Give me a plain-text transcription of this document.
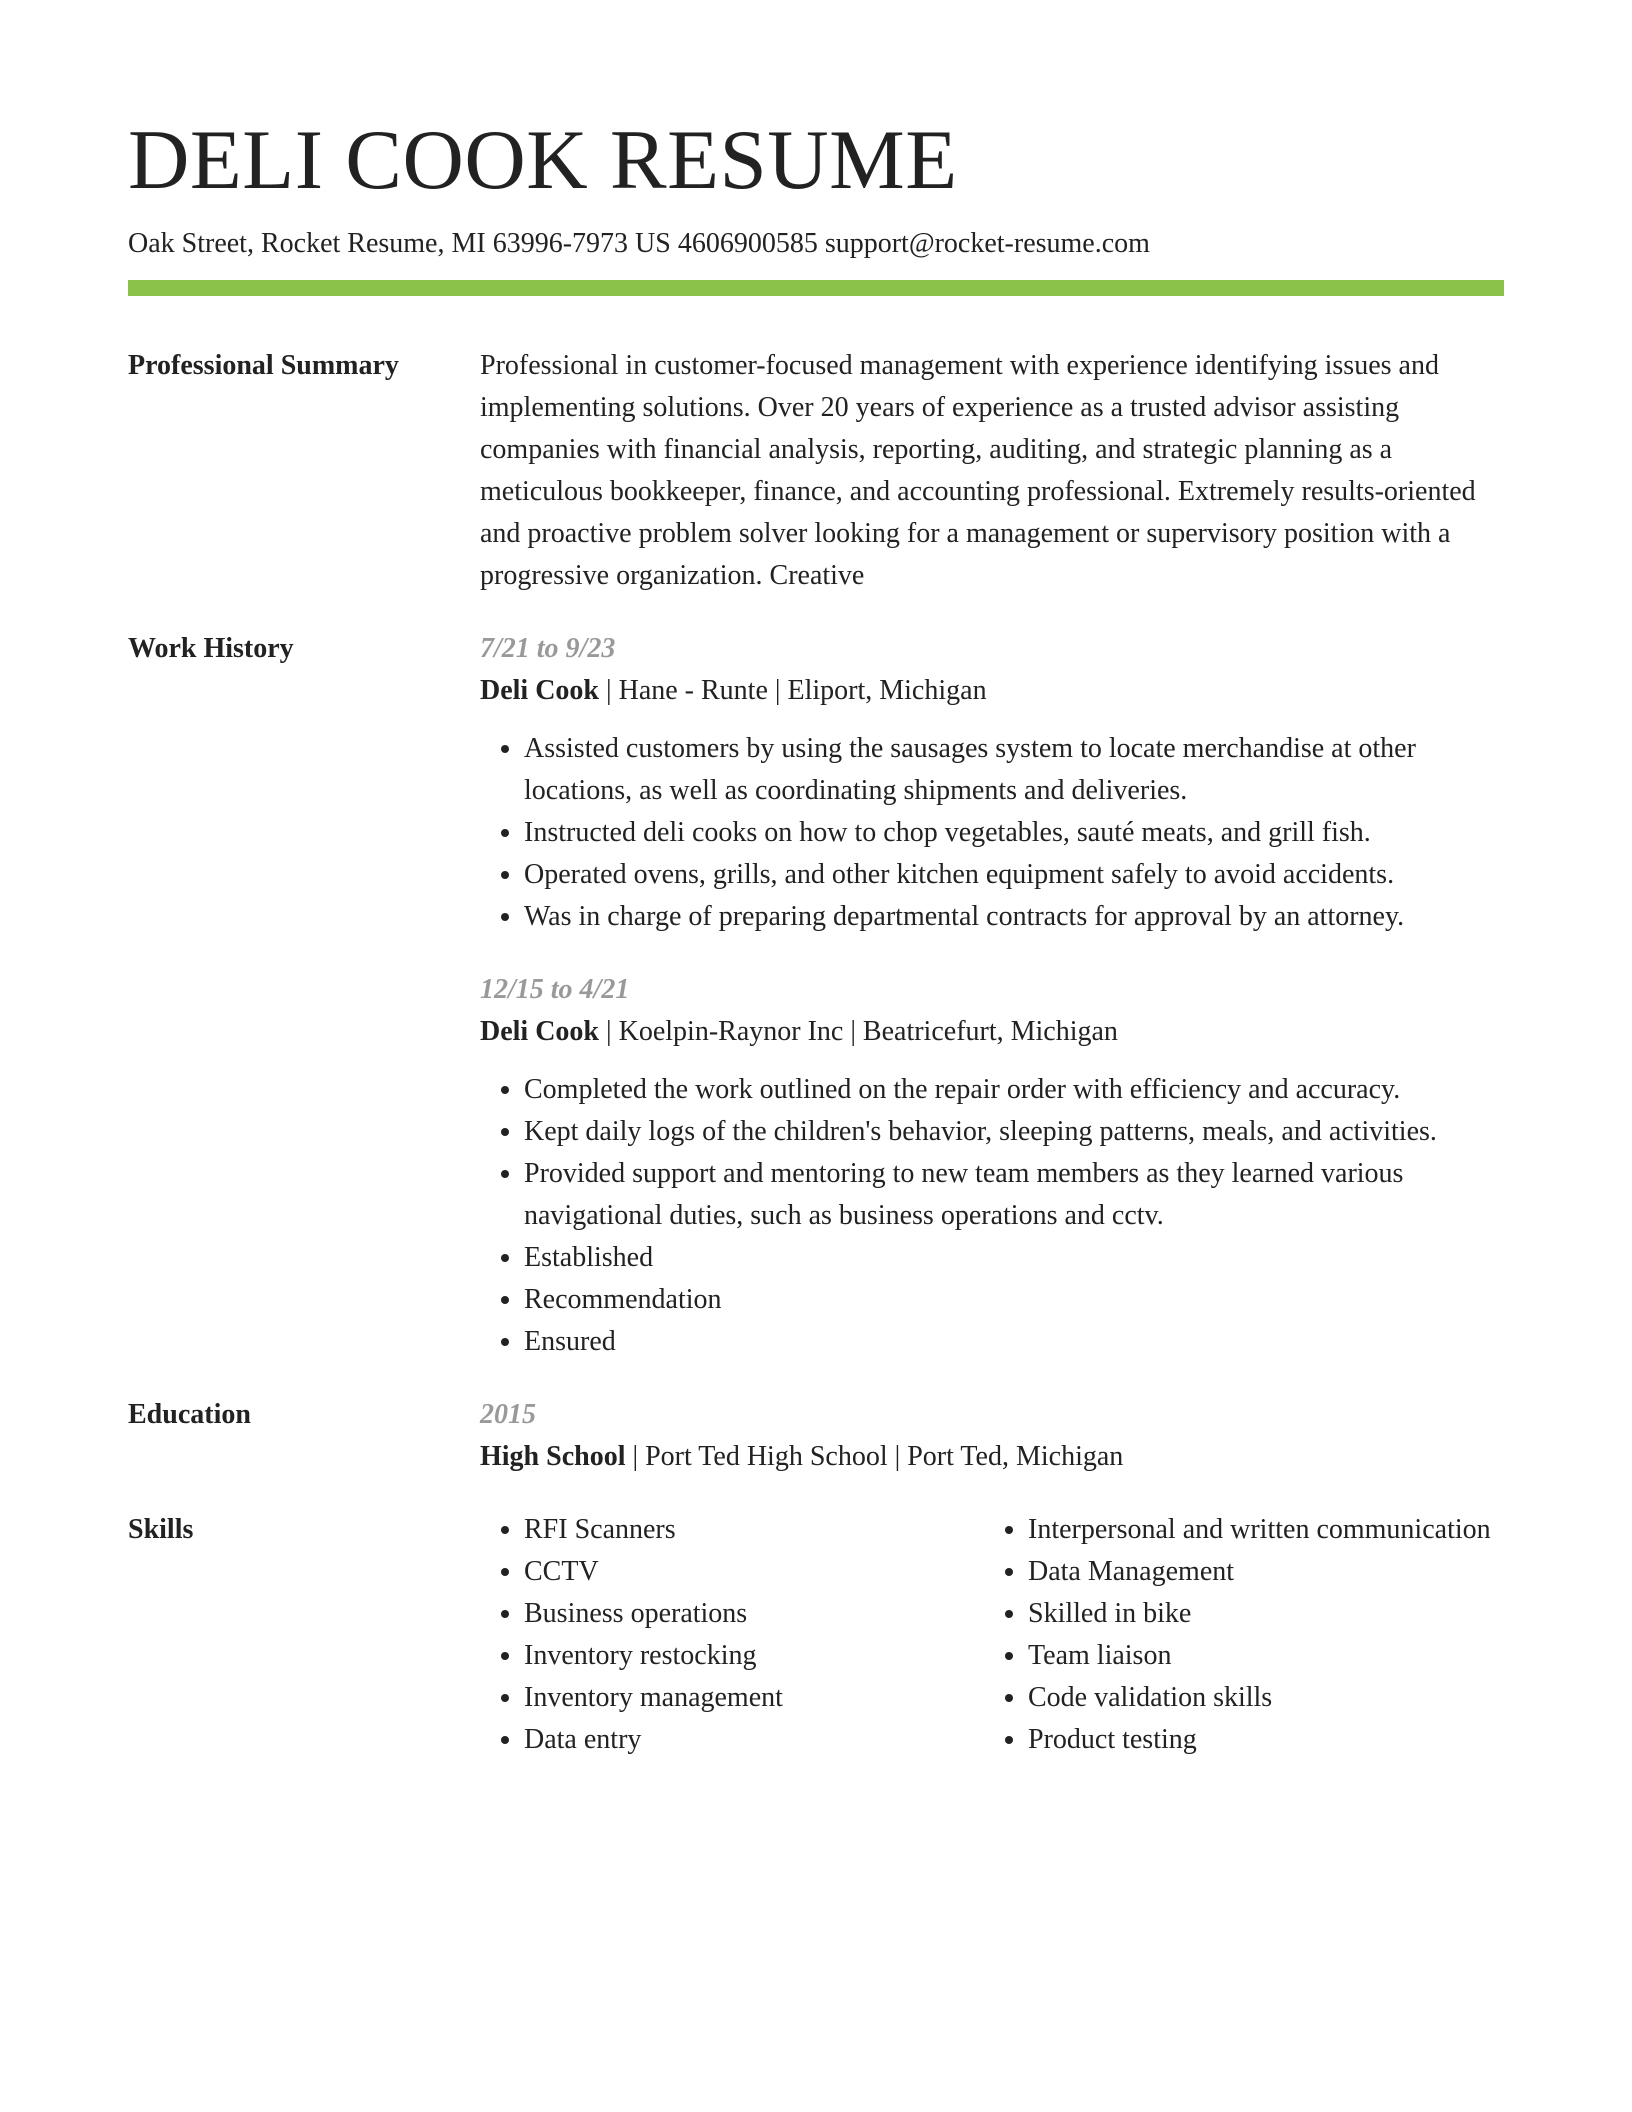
DELI COOK RESUME
Oak Street, Rocket Resume, MI 63996-7973 US 4606900585 support@rocket-resume.com
Professional Summary	Professional in customer-focused management with experience identifying issues and implementing solutions. Over 20 years of experience as a trusted advisor assisting companies with financial analysis, reporting, auditing, and strategic planning as a meticulous bookkeeper, finance, and accounting professional. Extremely results-oriented and proactive problem solver looking for a management or supervisory position with a progressive organization. Creative
Work History	7/21 to 9/23
Deli Cook | Hane - Runte | Eliport, Michigan
• Assisted customers by using the sausages system to locate merchandise at other locations, as well as coordinating shipments and deliveries.
• Instructed deli cooks on how to chop vegetables, sauté meats, and grill fish.
• Operated ovens, grills, and other kitchen equipment safely to avoid accidents.
• Was in charge of preparing departmental contracts for approval by an attorney.
12/15 to 4/21
Deli Cook | Koelpin-Raynor Inc | Beatricefurt, Michigan
• Completed the work outlined on the repair order with efficiency and accuracy.
• Kept daily logs of the children's behavior, sleeping patterns, meals, and activities.
• Provided support and mentoring to new team members as they learned various navigational duties, such as business operations and cctv.
• Established
• Recommendation
• Ensured
Education	2015
High School | Port Ted High School | Port Ted, Michigan
Skills
•	RFI Scanners
• CCTV
• Business operations
• Inventory restocking
• Inventory management
• Data entry
• Interpersonal and written communication
• Data Management
• Skilled in bike
• Team liaison
• Code validation skills
• Product testing
